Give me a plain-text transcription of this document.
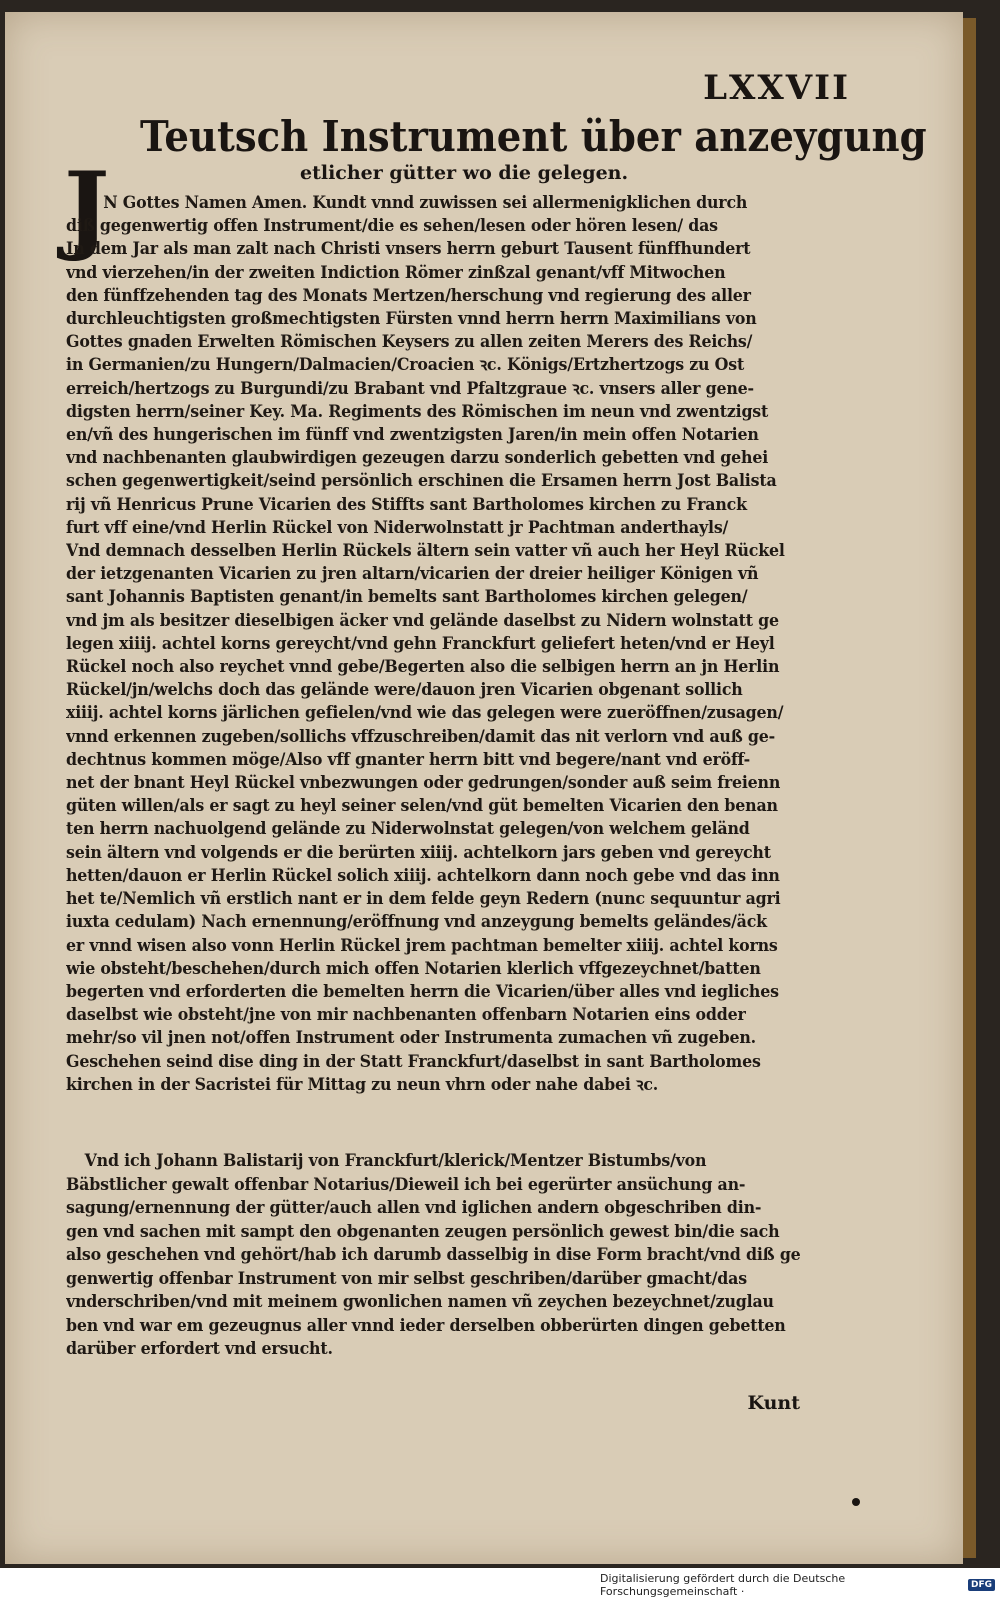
LXXVII
Teutsch Instrument über anzeygung
J	etlicher gütter wo die gelegen.
N Gottes Namen Amen. Kundt vnnd zuwissen sei allermenigklichen durch
diß gegenwertig offen Instrument/die es sehen/lesen oder hören lesen/ das
In dem Jar als man zalt nach Christi vnsers herrn geburt Tausent fünffhundert
vnd vierzehen/in der zweiten Indiction Römer zinßzal genant/vff Mitwochen
den fünffzehenden tag des Monats Mertzen/herschung vnd regierung des aller
durchleuchtigsten großmechtigsten Fürsten vnnd herrn herrn Maximilians von
Gottes gnaden Erwelten Römischen Keysers zu allen zeiten Merers des Reichs/
in Germanien/zu Hungern/Dalmacien/Croacien ꝛc. Königs/Ertzhertzogs zu Ost
erreich/hertzogs zu Burgundi/zu Brabant vnd Pfaltzgraue ꝛc. vnsers aller gene-
digsten herrn/seiner Key. Ma. Regiments des Römischen im neun vnd zwentzigst
en/vñ des hungerischen im fünff vnd zwentzigsten Jaren/in mein offen Notarien
vnd nachbenanten glaubwirdigen gezeugen darzu sonderlich gebetten vnd gehei
schen gegenwertigkeit/seind persönlich erschinen die Ersamen herrn Jost Balista
rij vñ Henricus Prune Vicarien des Stiffts sant Bartholomes kirchen zu Franck
furt vff eine/vnd Herlin Rückel von Niderwolnstatt jr Pachtman anderthayls/
Vnd demnach desselben Herlin Rückels ältern sein vatter vñ auch her Heyl Rückel
der ietzgenanten Vicarien zu jren altarn/vicarien der dreier heiliger Königen vñ
sant Johannis Baptisten genant/in bemelts sant Bartholomes kirchen gelegen/
vnd jm als besitzer dieselbigen äcker vnd gelände daselbst zu Nidern wolnstatt ge
legen xiiij. achtel korns gereycht/vnd gehn Franckfurt geliefert heten/vnd er Heyl
Rückel noch also reychet vnnd gebe/Begerten also die selbigen herrn an jn Herlin
Rückel/jn/welchs doch das gelände were/dauon jren Vicarien obgenant sollich
xiiij. achtel korns järlichen gefielen/vnd wie das gelegen were zueröffnen/zusagen/
vnnd erkennen zugeben/sollichs vffzuschreiben/damit das nit verlorn vnd auß ge-
dechtnus kommen möge/Also vff gnanter herrn bitt vnd begere/nant vnd eröff-
net der bnant Heyl Rückel vnbezwungen oder gedrungen/sonder auß seim freienn
güten willen/als er sagt zu heyl seiner selen/vnd güt bemelten Vicarien den benan
ten herrn nachuolgend gelände zu Niderwolnstat gelegen/von welchem geländ
sein ältern vnd volgends er die berürten xiiij. achtelkorn jars geben vnd gereycht
hetten/dauon er Herlin Rückel solich xiiij. achtelkorn dann noch gebe vnd das inn
het te/Nemlich vñ erstlich nant er in dem felde geyn Redern (nunc sequuntur agri
iuxta cedulam) Nach ernennung/eröffnung vnd anzeygung bemelts geländes/äck
er vnnd wisen also vonn Herlin Rückel jrem pachtman bemelter xiiij. achtel korns
wie obsteht/beschehen/durch mich offen Notarien klerlich vffgezeychnet/batten
begerten vnd erforderten die bemelten herrn die Vicarien/über alles vnd iegliches
daselbst wie obsteht/jne von mir nachbenanten offenbarn Notarien eins odder
mehr/so vil jnen not/offen Instrument oder Instrumenta zumachen vñ zugeben.
Geschehen seind dise ding in der Statt Franckfurt/daselbst in sant Bartholomes
kirchen in der Sacristei für Mittag zu neun vhrn oder nahe dabei ꝛc.
Vnd ich Johann Balistarij von Franckfurt/klerick/Mentzer Bistumbs/von
Bäbstlicher gewalt offenbar Notarius/Dieweil ich bei egerürter ansüchung an-
sagung/ernennung der gütter/auch allen vnd iglichen andern obgeschriben din-
gen vnd sachen mit sampt den obgenanten zeugen persönlich gewest bin/die sach
also geschehen vnd gehört/hab ich darumb dasselbig in dise Form bracht/vnd diß ge
genwertig offenbar Instrument von mir selbst geschriben/darüber gmacht/das
vnderschriben/vnd mit meinem gwonlichen namen vñ zeychen bezeychnet/zuglau
ben vnd war em gezeugnus aller vnnd ieder derselben obberürten dingen gebetten
darüber erfordert vnd ersucht.
Kunt
Digitalisierung gefördert durch die Deutsche Forschungsgemeinschaft ·	DFG
